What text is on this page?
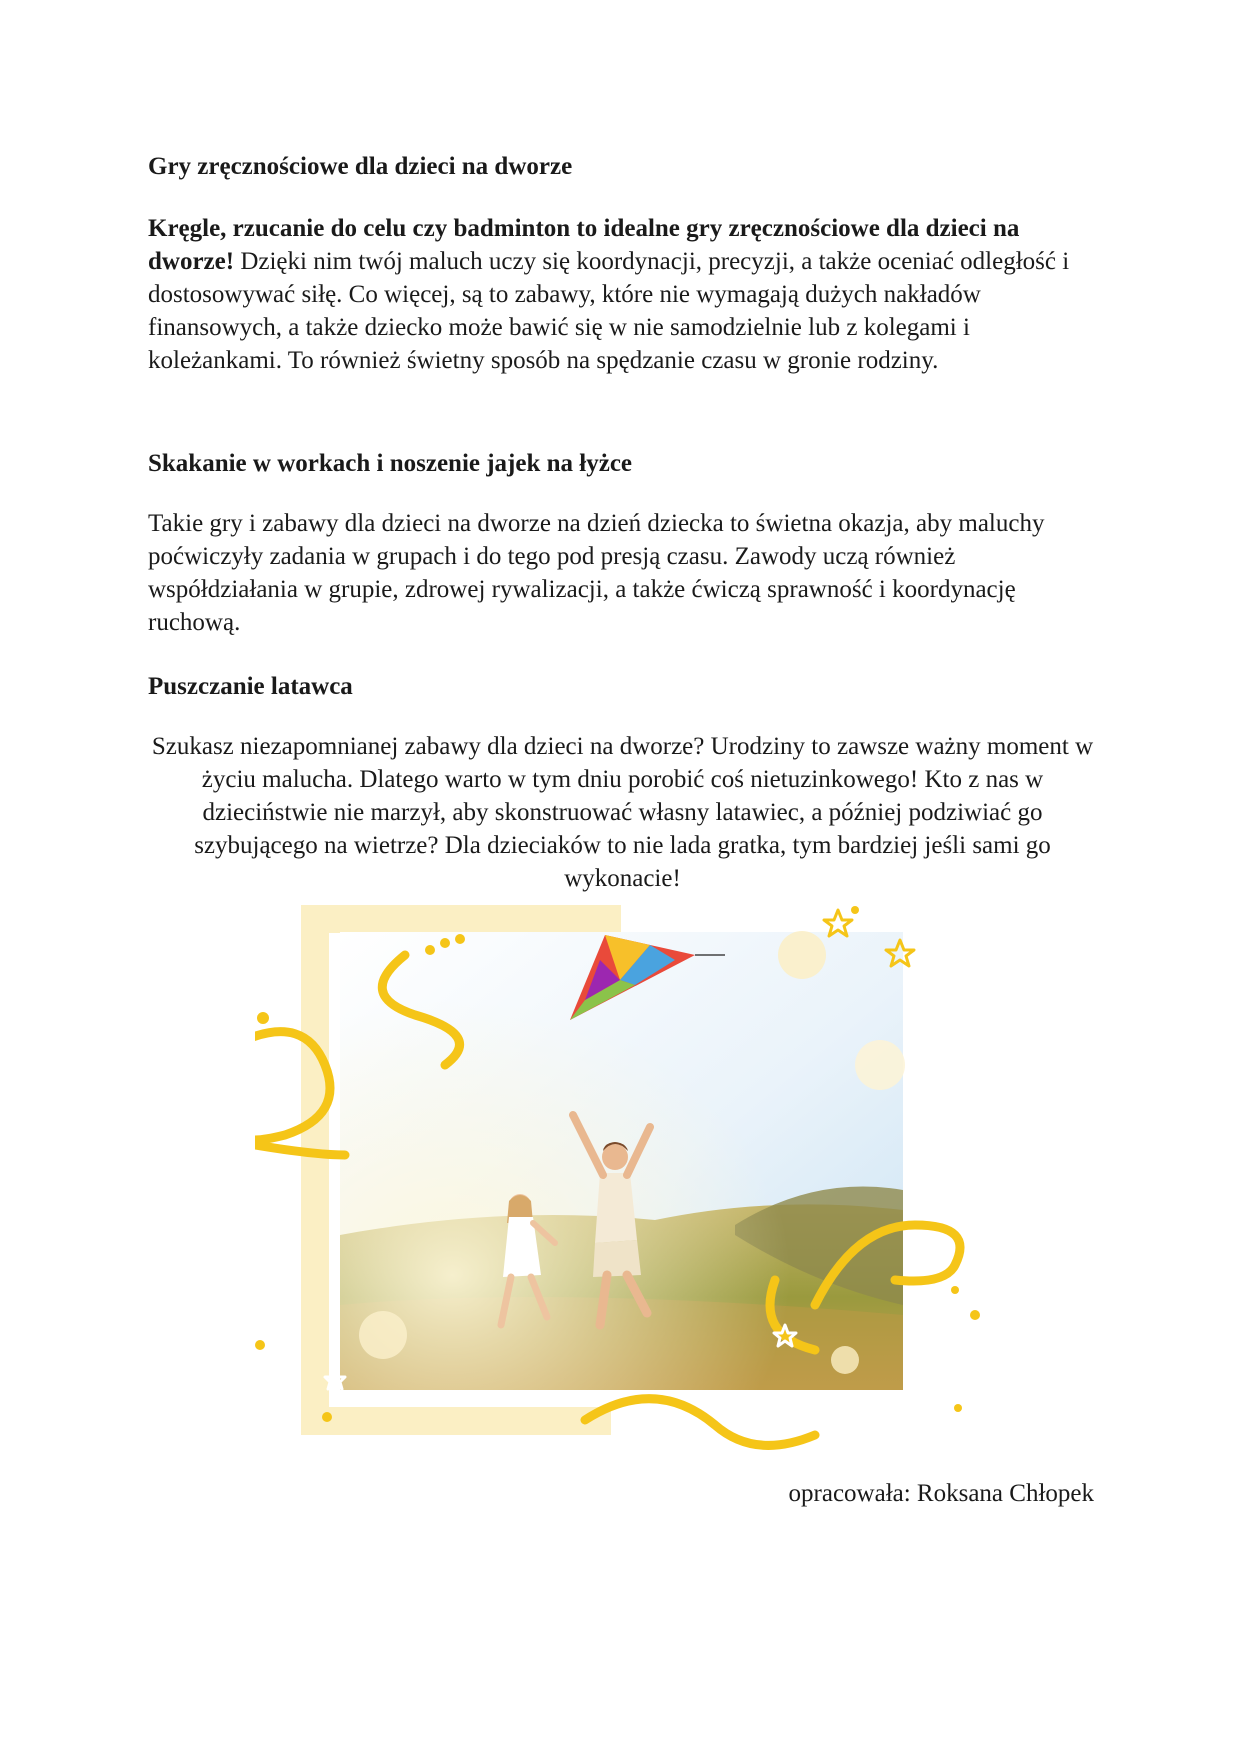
Gry zręcznościowe dla dzieci na dworze
Kręgle, rzucanie do celu czy badminton to idealne gry zręcznościowe dla dzieci na dworze! Dzięki nim twój maluch uczy się koordynacji, precyzji, a także oceniać odległość i dostosowywać siłę. Co więcej, są to zabawy, które nie wymagają dużych nakładów finansowych, a także dziecko może bawić się w nie samodzielnie lub z kolegami i koleżankami. To również świetny sposób na spędzanie czasu w gronie rodziny.
Skakanie w workach i noszenie jajek na łyżce
Takie gry i zabawy dla dzieci na dworze na dzień dziecka to świetna okazja, aby maluchy poćwiczyły zadania w grupach i do tego pod presją czasu. Zawody uczą również współdziałania w grupie, zdrowej rywalizacji, a także ćwiczą sprawność i koordynację ruchową.
Puszczanie latawca
Szukasz niezapomnianej zabawy dla dzieci na dworze? Urodziny to zawsze ważny moment w życiu malucha. Dlatego warto w tym dniu porobić coś nietuzinkowego! Kto z nas w dzieciństwie nie marzył, aby skonstruować własny latawiec, a później podziwiać go szybującego na wietrze? Dla dzieciaków to nie lada gratka, tym bardziej jeśli sami go wykonacie!
opracowała: Roksana Chłopek
